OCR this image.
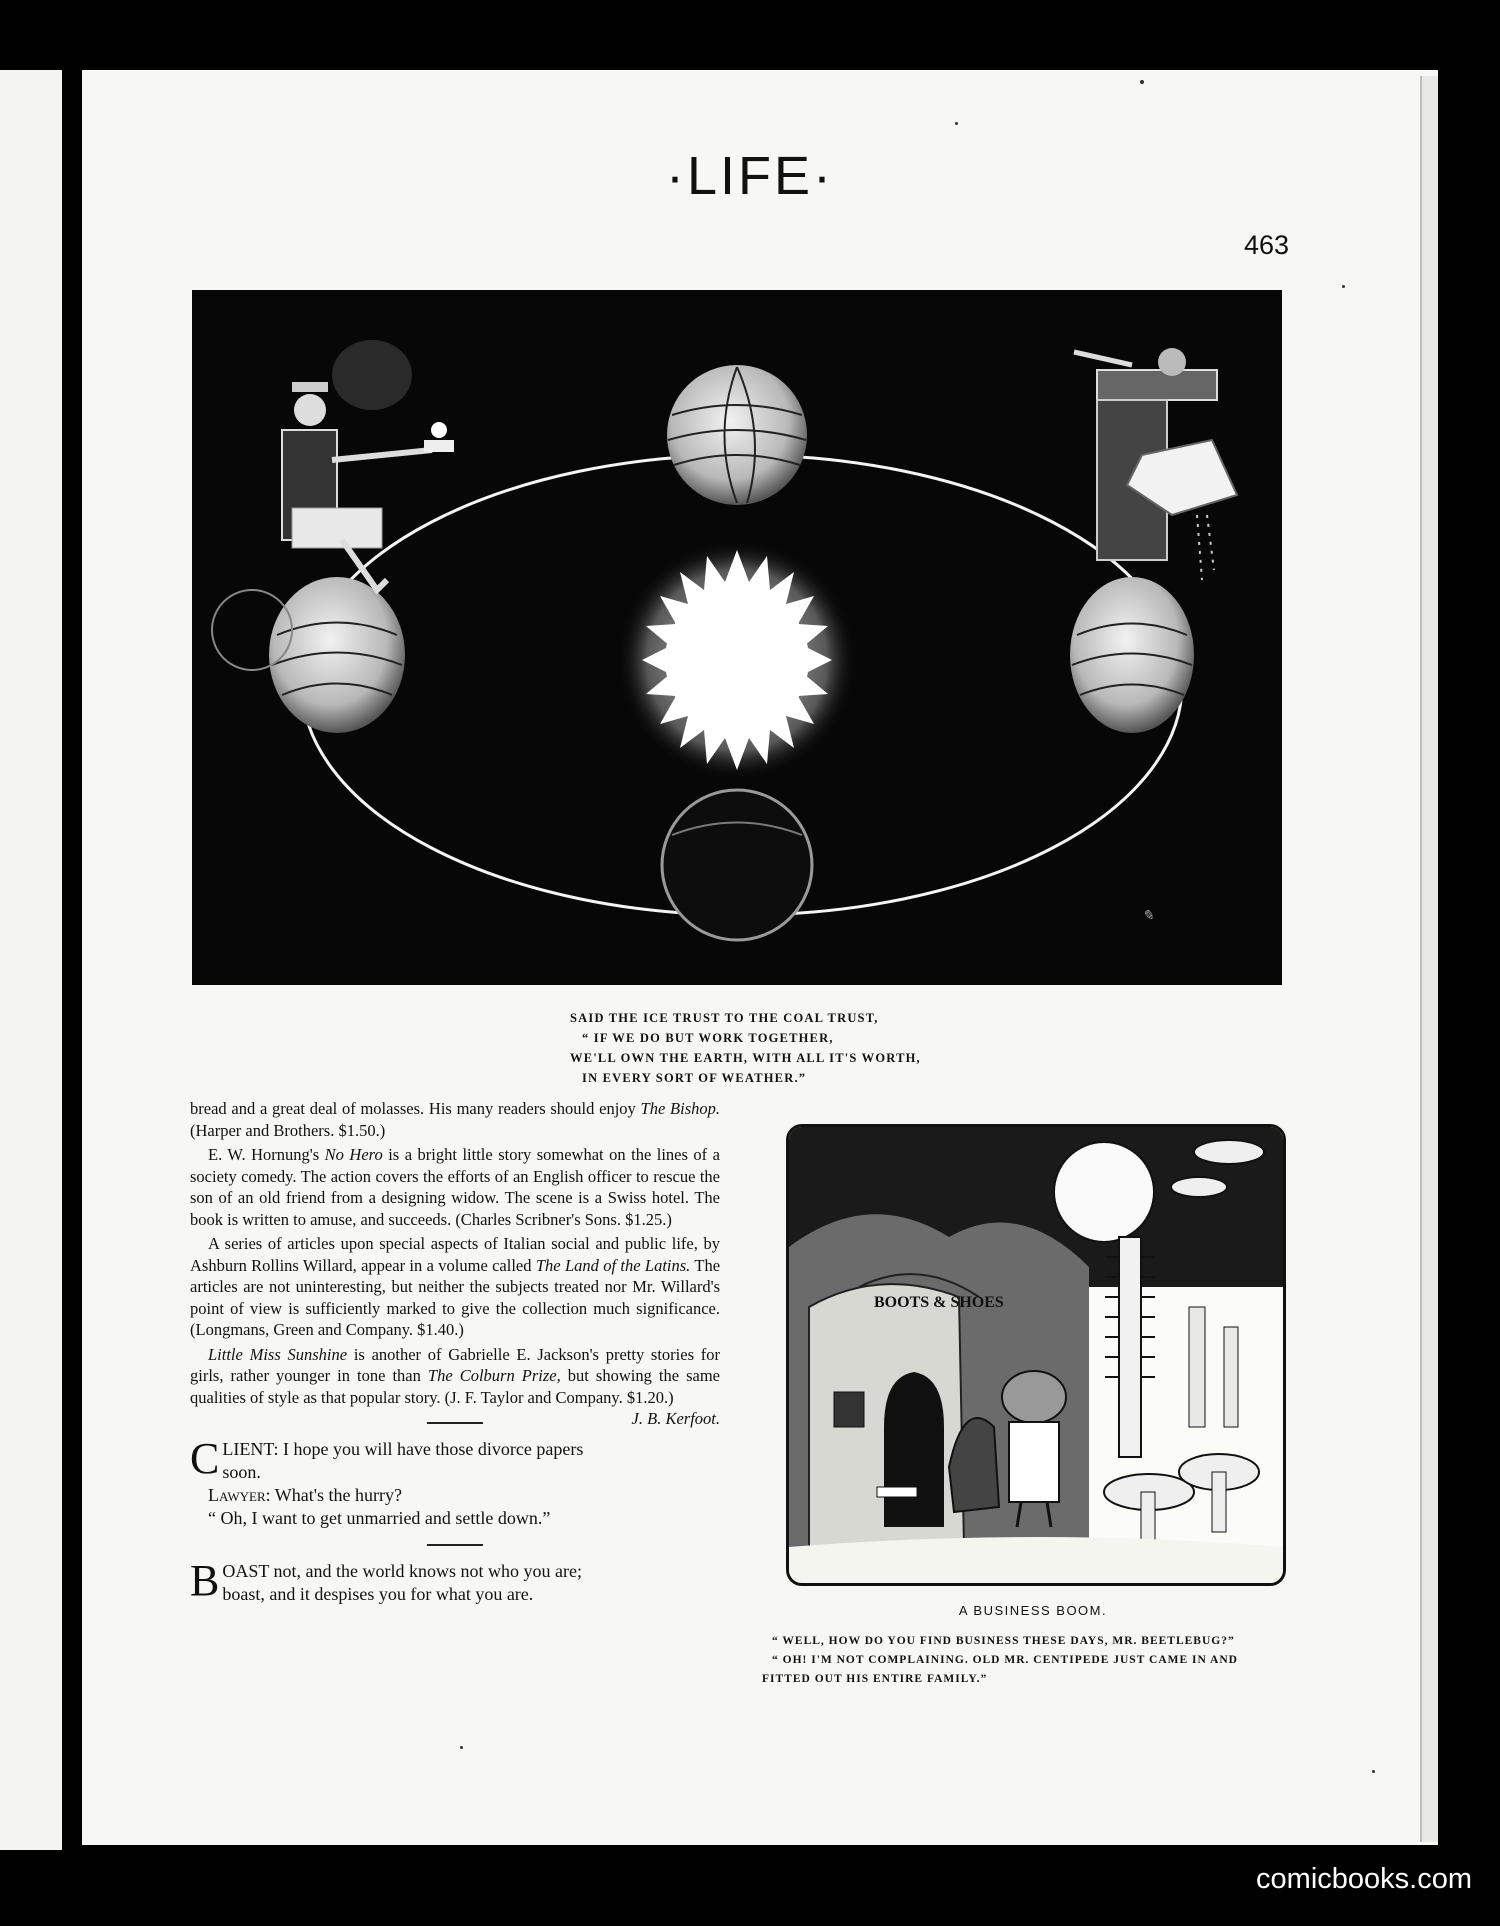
·LIFE·
463
✎
SAID THE ICE TRUST TO THE COAL TRUST,
“ IF WE DO BUT WORK TOGETHER,
WE'LL OWN THE EARTH, WITH ALL IT'S WORTH,
IN EVERY SORT OF WEATHER.”

bread and a great deal of molasses. His many readers should enjoy The Bishop. (Harper and Brothers. $1.50.)

E. W. Hornung's No Hero is a bright little story somewhat on the lines of a society comedy. The action covers the efforts of an English officer to rescue the son of an old friend from a designing widow. The scene is a Swiss hotel. The book is written to amuse, and succeeds. (Charles Scribner's Sons. $1.25.)

A series of articles upon special aspects of Italian social and public life, by Ashburn Rollins Willard, appear in a volume called The Land of the Latins. The articles are not uninteresting, but neither the subjects treated nor Mr. Willard's point of view is sufficiently marked to give the collection much significance. (Longmans, Green and Company. $1.40.)

Little Miss Sunshine is another of Gabrielle E. Jackson's pretty stories for girls, rather younger in tone than The Colburn Prize, but showing the same qualities of style as that popular story. (J. F. Taylor and Company. $1.20.)
J. B. Kerfoot.

CLIENT: I hope you will have those divorce papers
soon.
Lawyer: What's the hurry?
“ Oh, I want to get unmarried and settle down.”
BOAST not, and the world knows not who you are;
boast, and it despises you for what you are.
BOOTS & SHOES
A BUSINESS BOOM.
“ WELL, HOW DO YOU FIND BUSINESS THESE DAYS, MR. BEETLEBUG?”
“ OH! I'M NOT COMPLAINING. OLD MR. CENTIPEDE JUST CAME IN AND
FITTED OUT HIS ENTIRE FAMILY.”
comicbooks.com
